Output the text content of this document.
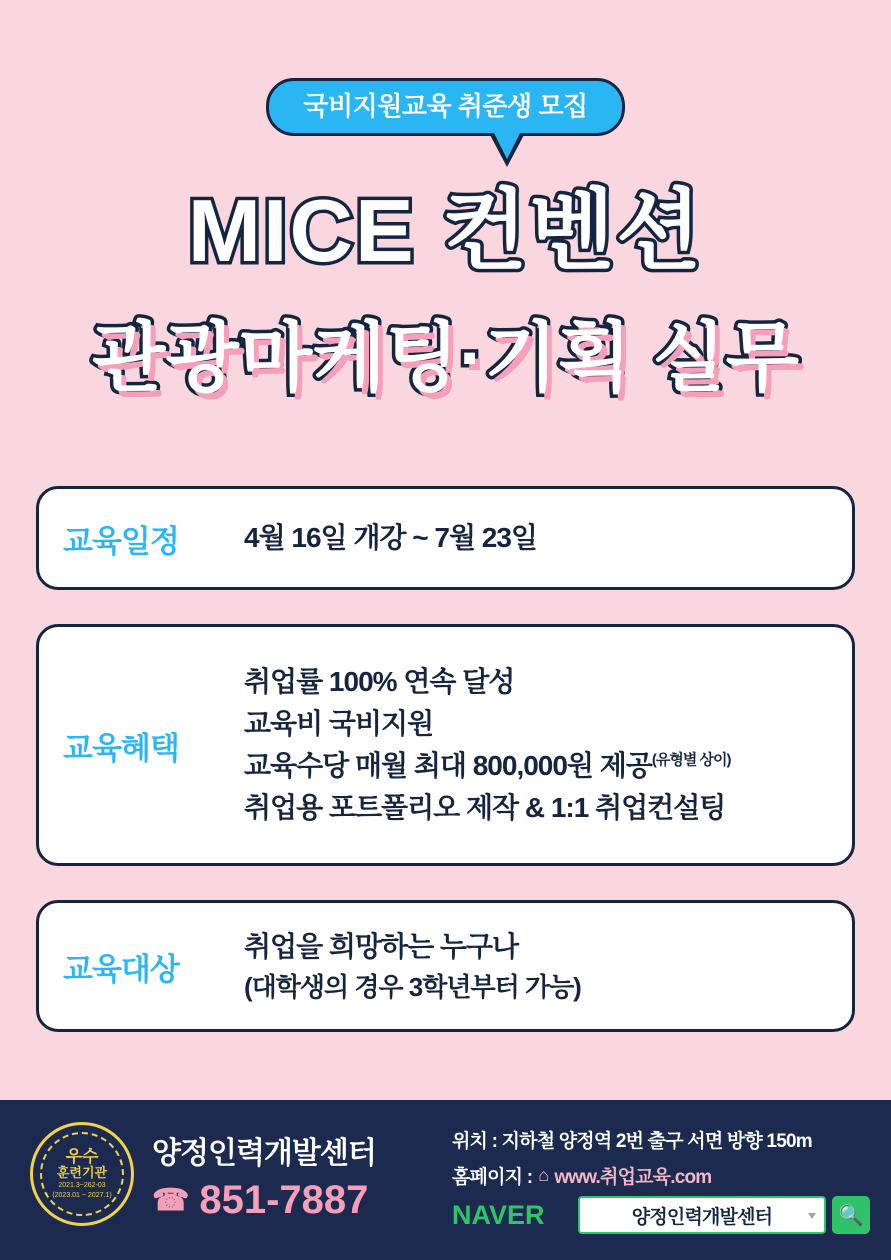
국비지원교육 취준생 모집
MICE 컨벤션
관광마케팅·기획 실무
교육일정	4월 16일 개강 ~ 7월 23일
교육혜택
취업률 100% 연속 달성
교육비 국비지원
교육수당 매월 최대 800,000원 제공$^{(유형별 상이)}$
취업용 포트폴리오 제작 & 1:1 취업컨설팅
교육대상
취업을 희망하는 누구나
(대학생의 경우 3학년부터 가능)
우수
훈련기관
2021.3~262-03
(2023.01 ~ 2027.1)
양정인력개발센터
☎ 851-7887
위치 : 지하철 양정역 2번 출구 서면 방향 150m
홈페이지 : ⌂ www.취업교육.com
NAVER	양정인력개발센터	🔍
